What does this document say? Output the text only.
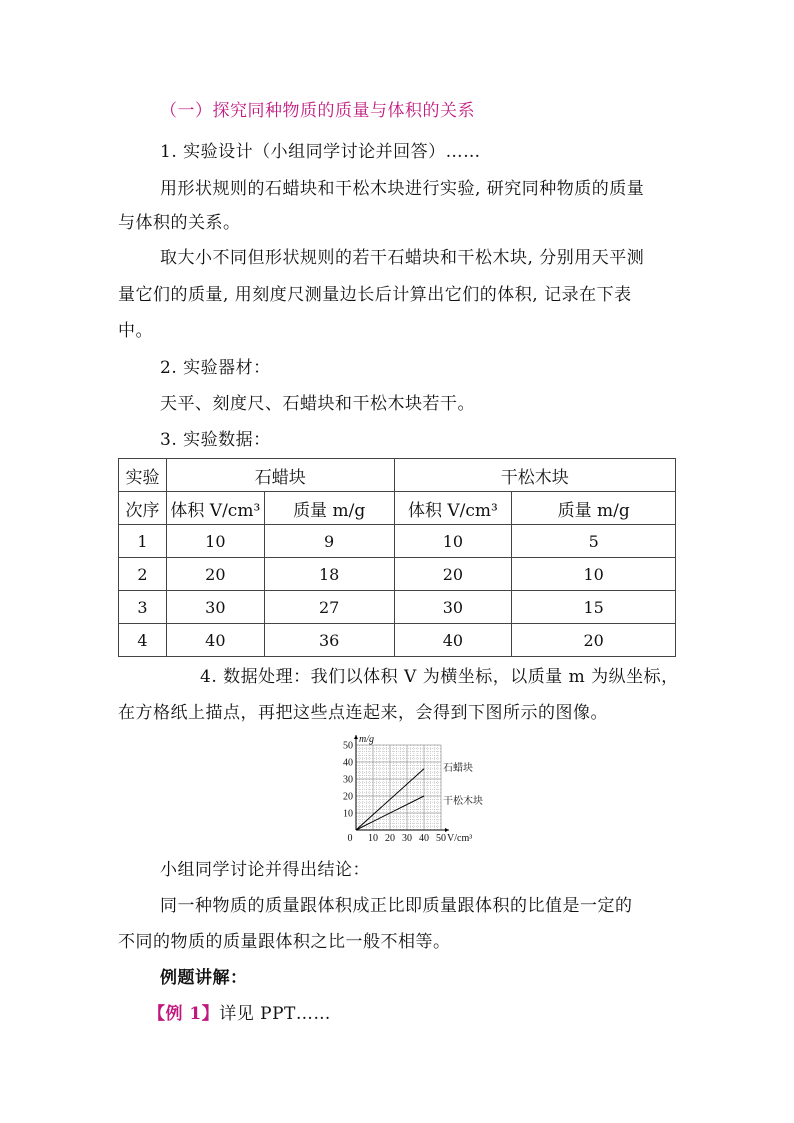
（一）探究同种物质的质量与体积的关系
1. 实验设计（小组同学讨论并回答）……
用形状规则的石蜡块和干松木块进行实验, 研究同种物质的质量
与体积的关系。
取大小不同但形状规则的若干石蜡块和干松木块, 分别用天平测
量它们的质量, 用刻度尺测量边长后计算出它们的体积, 记录在下表
中。
2. 实验器材：
天平、刻度尺、石蜡块和干松木块若干。
3. 实验数据：
实验	石蜡块		干松木块	
次序	体积 V/cm³	质量 m/g	体积 V/cm³	质量 m/g
1	10	9	10	5
2	20	18	20	10
3	30	27	30	15
4	40	36	40	20
4. 数据处理：我们以体积 V 为横坐标，以质量 m 为纵坐标，
在方格纸上描点，再把这些点连起来，会得到下图所示的图像。
0 10 20 30 40 50
10
20
30
40
50
m/g
V/cm³
石蜡块
干松木块
小组同学讨论并得出结论：
同一种物质的质量跟体积成正比即质量跟体积的比值是一定的
不同的物质的质量跟体积之比一般不相等。
例题讲解：
【例 1】详见 PPT……
